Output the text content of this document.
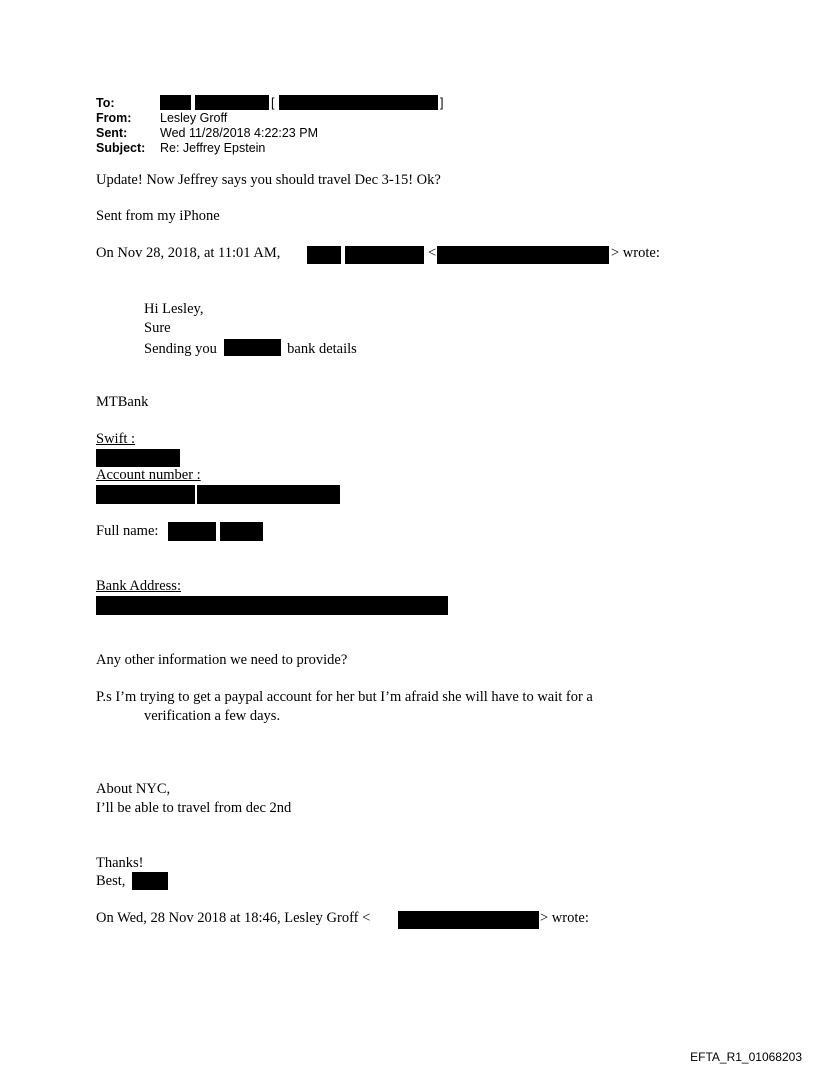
To:	[	]
From: Lesley Groff
Sent:	Wed 11/28/2018 4:22:23 PM
Subject: Re: Jeffrey Epstein
Update! Now Jeffrey says you should travel Dec 3-15! Ok?
Sent from my iPhone
On Nov 28, 2018, at 11:01 AM,	<	> wrote:
Hi Lesley,
Sure
Sending you	bank details
MTBank
Swift :
Account number :
Full name:
Bank Address:
Any other information we need to provide?
P.s I’m trying to get a paypal account for her but I’m afraid she will have to wait for a
verification a few days.
About NYC,
I’ll be able to travel from dec 2nd
Thanks!
Best,
On Wed, 28 Nov 2018 at 18:46, Lesley Groff <	> wrote:
EFTA_R1_01068203
